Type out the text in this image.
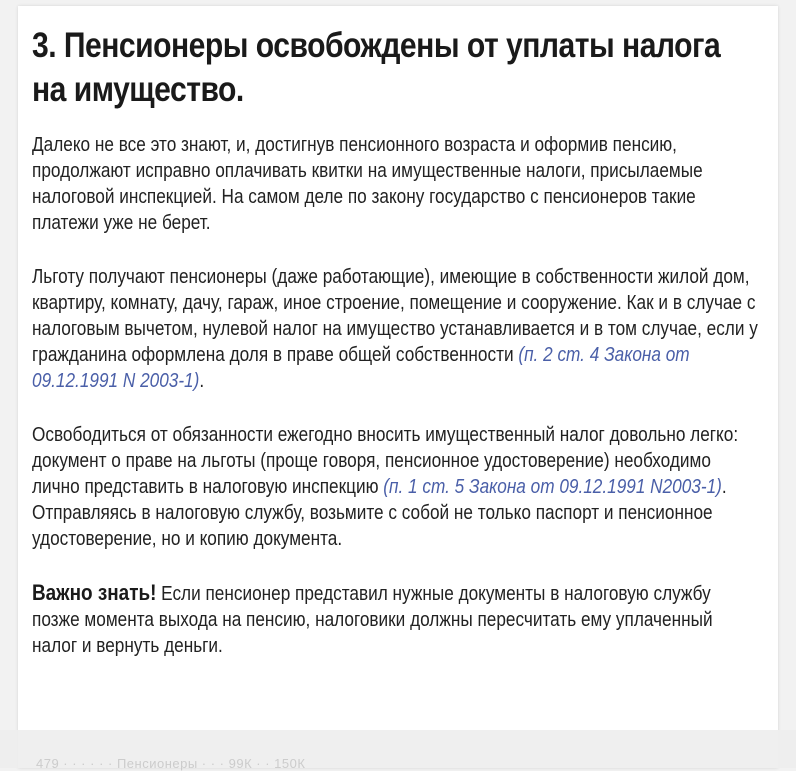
3. Пенсионеры освобождены от уплаты налога на имущество.

Далеко не все это знают, и, достигнув пенсионного возраста и оформив пенсию, продолжают исправно оплачивать квитки на имущественные налоги, присылаемые налоговой инспекцией. На самом деле по закону государство с пенсионеров такие платежи уже не берет.

Льготу получают пенсионеры (даже работающие), имеющие в собственности жилой дом, квартиру, комнату, дачу, гараж, иное строение, помещение и сооружение. Как и в случае с налоговым вычетом, нулевой налог на имущество устанавливается и в том случае, если у гражданина оформлена доля в праве общей собственности (п. 2 ст. 4 Закона от 09.12.1991 N 2003-1).

Освободиться от обязанности ежегодно вносить имущественный налог довольно легко: документ о праве на льготы (проще говоря, пенсионное удостоверение) необходимо лично представить в налоговую инспекцию (п. 1 ст. 5 Закона от 09.12.1991 N2003-1). Отправляясь в налоговую службу, возьмите с собой не только паспорт и пенсионное удостоверение, но и копию документа.

Важно знать! Если пенсионер представил нужные документы в налоговую службу позже момента выхода на пенсию, налоговики должны пересчитать ему уплаченный налог и вернуть деньги.

479 · · · · · · Пенсионеры · · · 99К · · 150К
